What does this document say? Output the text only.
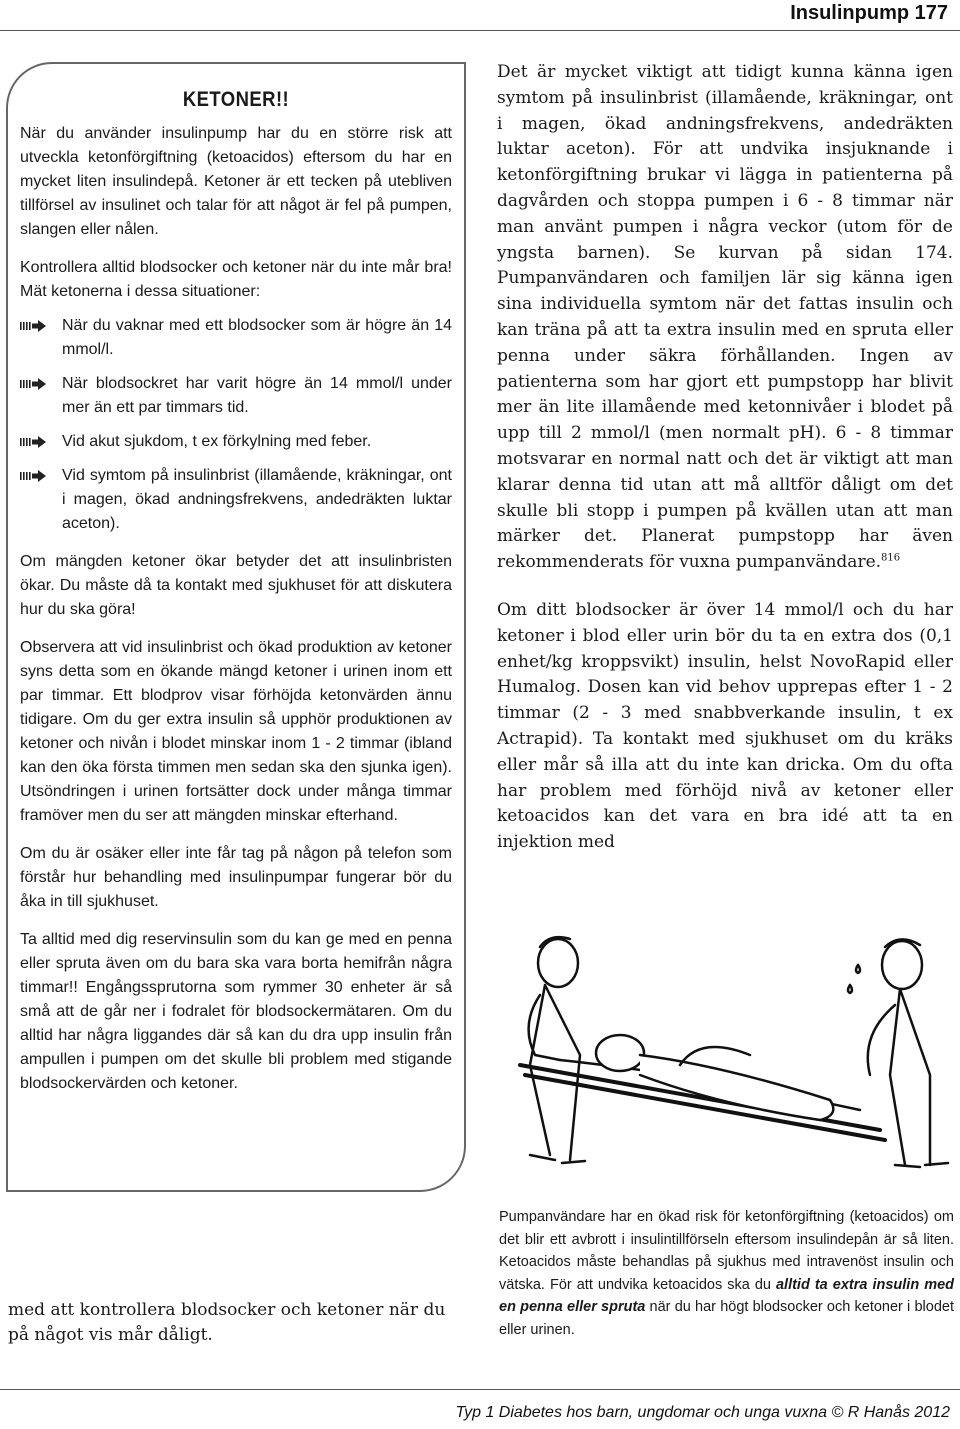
Insulinpump 177
KETONER!!

När du använder insulinpump har du en större risk att utveckla ketonförgiftning (ketoacidos) eftersom du har en mycket liten insulindepå. Ketoner är ett tecken på utebliven tillförsel av insulinet och talar för att något är fel på pumpen, slangen eller nålen.

Kontrollera alltid blodsocker och ketoner när du inte mår bra! Mät ketonerna i dessa situationer:

När du vaknar med ett blodsocker som är högre än 14 mmol/l.
När blodsockret har varit högre än 14 mmol/l under mer än ett par timmars tid.
Vid akut sjukdom, t ex förkylning med feber.
Vid symtom på insulinbrist (illamående, kräkningar, ont i magen, ökad andningsfrekvens, andedräkten luktar aceton).

Om mängden ketoner ökar betyder det att insulinbristen ökar. Du måste då ta kontakt med sjukhuset för att diskutera hur du ska göra!

Observera att vid insulinbrist och ökad produktion av ketoner syns detta som en ökande mängd ketoner i urinen inom ett par timmar. Ett blodprov visar förhöjda ketonvärden ännu tidigare. Om du ger extra insulin så upphör produktionen av ketoner och nivån i blodet minskar inom 1 - 2 timmar (ibland kan den öka första timmen men sedan ska den sjunka igen). Utsöndringen i urinen fortsätter dock under många timmar framöver men du ser att mängden minskar efterhand.

Om du är osäker eller inte får tag på någon på telefon som förstår hur behandling med insulinpumpar fungerar bör du åka in till sjukhuset.

Ta alltid med dig reservinsulin som du kan ge med en penna eller spruta även om du bara ska vara borta hemifrån några timmar!! Engångssprutorna som rymmer 30 enheter är så små att de går ner i fodralet för blodsockermätaren. Om du alltid har några liggandes där så kan du dra upp insulin från ampullen i pumpen om det skulle bli problem med stigande blodsockervärden och ketoner.

Det är mycket viktigt att tidigt kunna känna igen symtom på insulinbrist (illamående, kräkningar, ont i magen, ökad andningsfrekvens, andedräkten luktar aceton). För att undvika insjuknande i ketonförgiftning brukar vi lägga in patienterna på dagvården och stoppa pumpen i 6 - 8 timmar när man använt pumpen i några veckor (utom för de yngsta barnen). Se kurvan på sidan 174. Pumpanvändaren och familjen lär sig känna igen sina individuella symtom när det fattas insulin och kan träna på att ta extra insulin med en spruta eller penna under säkra förhållanden. Ingen av patienterna som har gjort ett pumpstopp har blivit mer än lite illamående med ketonnivåer i blodet på upp till 2 mmol/l (men normalt pH). 6 - 8 timmar motsvarar en normal natt och det är viktigt att man klarar denna tid utan att må alltför dåligt om det skulle bli stopp i pumpen på kvällen utan att man märker det. Planerat pumpstopp har även rekommenderats för vuxna pumpanvändare.$^{816}$

Om ditt blodsocker är över 14 mmol/l och du har ketoner i blod eller urin bör du ta en extra dos (0,1 enhet/kg kroppsvikt) insulin, helst NovoRapid eller Humalog. Dosen kan vid behov upprepas efter 1 - 2 timmar (2 - 3 med snabbverkande insulin, t ex Actrapid). Ta kontakt med sjukhuset om du kräks eller mår så illa att du inte kan dricka. Om du ofta har problem med förhöjd nivå av ketoner eller ketoacidos kan det vara en bra idé att ta en injektion med

Pumpanvändare har en ökad risk för ketonförgiftning (ketoacidos) om det blir ett avbrott i insulintillförseln eftersom insulindepån är så liten. Ketoacidos måste behandlas på sjukhus med intravenöst insulin och vätska. För att undvika ketoacidos ska du alltid ta extra insulin med en penna eller spruta när du har högt blodsocker och ketoner i blodet eller urinen.
med att kontrollera blodsocker och ketoner när du på något vis mår dåligt.
Typ 1 Diabetes hos barn, ungdomar och unga vuxna © R Hanås 2012
